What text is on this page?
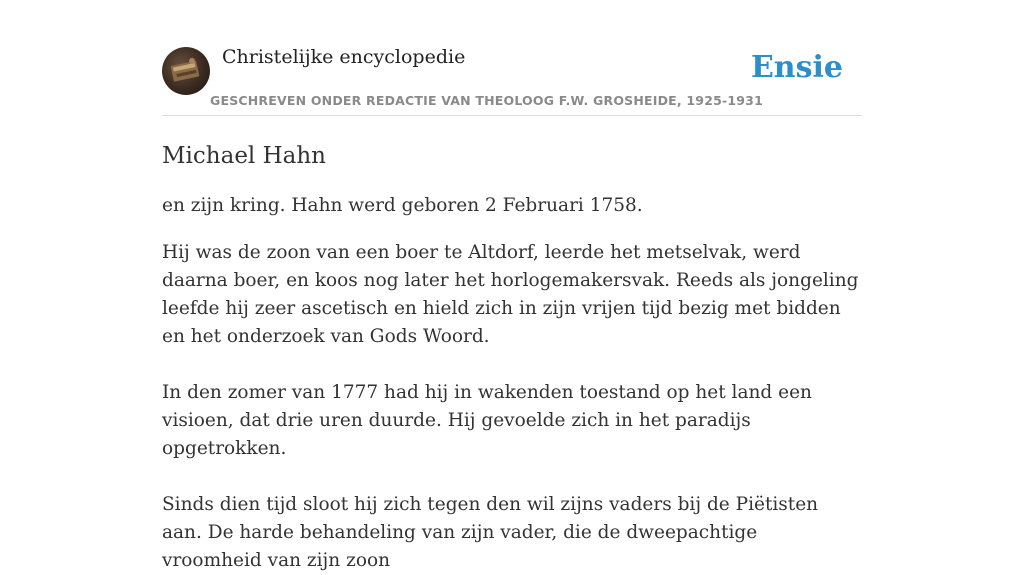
Christelijke encyclopedie
GESCHREVEN ONDER REDACTIE VAN THEOLOOG F.W. GROSHEIDE, 1925-1931
Ensie
Michael Hahn

en zijn kring. Hahn werd geboren 2 Februari 1758.

Hij was de zoon van een boer te Altdorf, leerde het metselvak, werd daarna boer, en koos nog later het horlogemakersvak. Reeds als jongeling leefde hij zeer ascetisch en hield zich in zijn vrijen tijd bezig met bidden en het onderzoek van Gods Woord.

In den zomer van 1777 had hij in wakenden toestand op het land een visioen, dat drie uren duurde. Hij gevoelde zich in het paradijs opgetrokken.

Sinds dien tijd sloot hij zich tegen den wil zijns vaders bij de Piëtisten aan. De harde behandeling van zijn vader, die de dweepachtige vroomheid van zijn zoon
